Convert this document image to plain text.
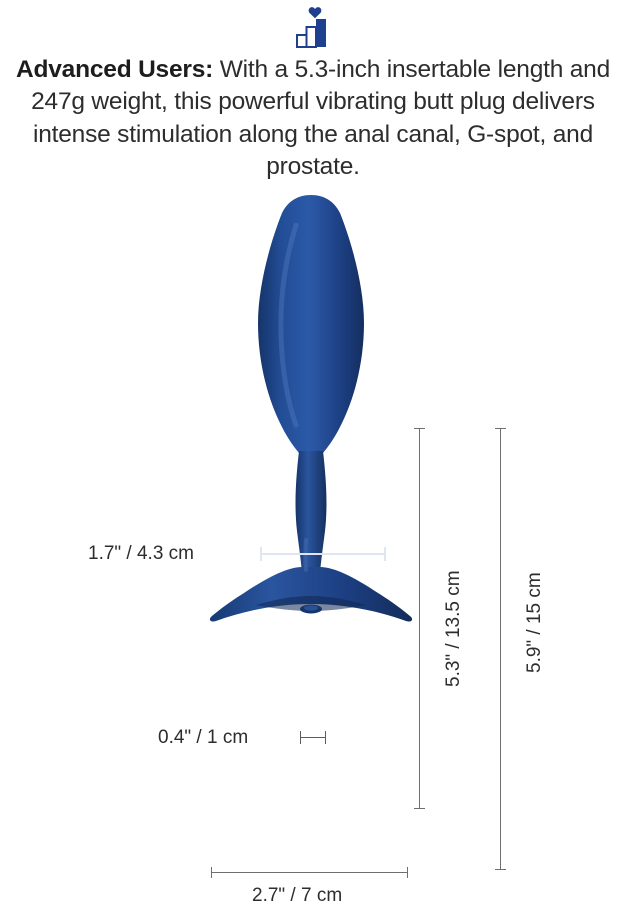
Advanced Users: With a 5.3-inch insertable length and 247g weight, this powerful vibrating butt plug delivers intense stimulation along the anal canal, G-spot, and prostate.
1.7" / 4.3 cm
0.4" / 1 cm
5.3" / 13.5 cm	5.9" / 15 cm
2.7" / 7 cm
